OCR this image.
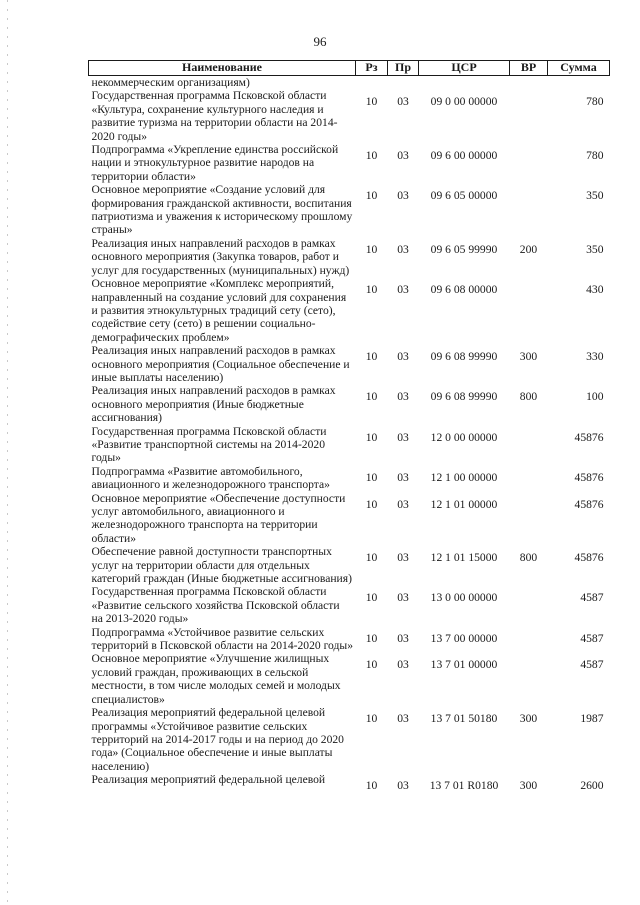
96
Наименование	Рз	Пр	ЦСР	ВР	Сумма
некоммерческим организациям)					
Государственная программа Псковской области «Культура, сохранение культурного наследия и развитие туризма на территории области на 2014-2020 годы»	10	03	09 0 00 00000		780
Подпрограмма «Укрепление единства российской нации и этнокультурное развитие народов на территории области»	10	03	09 6 00 00000		780
Основное мероприятие «Создание условий для формирования гражданской активности, воспитания патриотизма и уважения к историческому прошлому страны»	10	03	09 6 05 00000		350
Реализация иных направлений расходов в рамках основного мероприятия (Закупка товаров, работ и услуг для государственных (муниципальных) нужд)	10	03	09 6 05 99990	200	350
Основное мероприятие «Комплекс мероприятий, направленный на создание условий для сохранения и развития этнокультурных традиций сету (сето), содействие сету (сето) в решении социально-демографических проблем»	10	03	09 6 08 00000		430
Реализация иных направлений расходов в рамках основного мероприятия (Социальное обеспечение и иные выплаты населению)	10	03	09 6 08 99990	300	330
Реализация иных направлений расходов в рамках основного мероприятия (Иные бюджетные ассигнования)	10	03	09 6 08 99990	800	100
Государственная программа Псковской области «Развитие транспортной системы на 2014-2020 годы»	10	03	12 0 00 00000		45876
Подпрограмма «Развитие автомобильного, авиационного и железнодорожного транспорта»	10	03	12 1 00 00000		45876
Основное мероприятие «Обеспечение доступности услуг автомобильного, авиационного и железнодорожного транспорта на территории области»	10	03	12 1 01 00000		45876
Обеспечение равной доступности транспортных услуг на территории области для отдельных категорий граждан (Иные бюджетные ассигнования)	10	03	12 1 01 15000	800	45876
Государственная программа Псковской области «Развитие сельского хозяйства Псковской области на 2013-2020 годы»	10	03	13 0 00 00000		4587
Подпрограмма «Устойчивое развитие сельских территорий в Псковской области на 2014-2020 годы»	10	03	13 7 00 00000		4587
Основное мероприятие «Улучшение жилищных условий граждан, проживающих в сельской местности, в том числе молодых семей и молодых специалистов»	10	03	13 7 01 00000		4587
Реализация мероприятий федеральной целевой программы «Устойчивое развитие сельских территорий на 2014-2017 годы и на период до 2020 года» (Социальное обеспечение и иные выплаты населению)	10	03	13 7 01 50180	300	1987
Реализация мероприятий федеральной целевой	10	03	13 7 01 R0180	300	2600
